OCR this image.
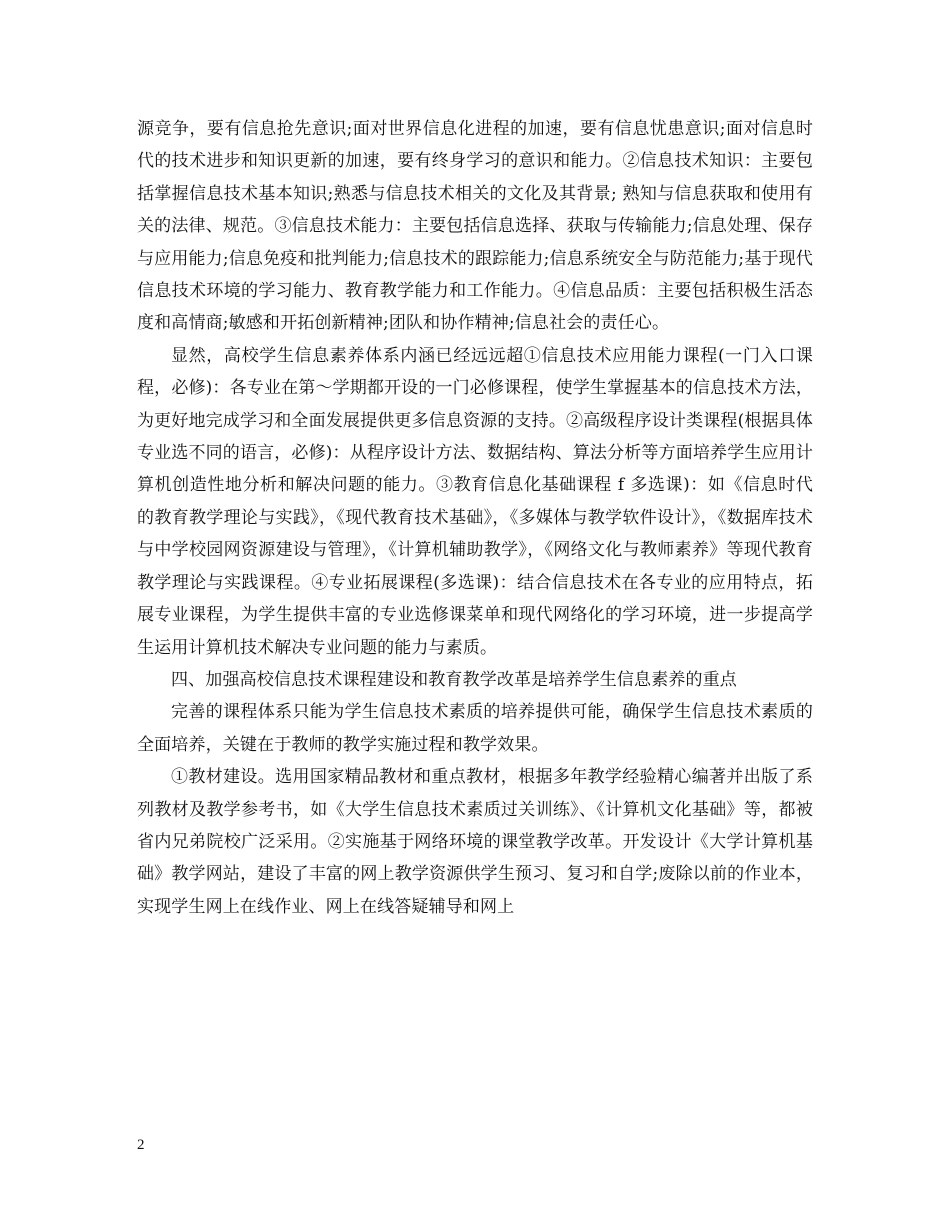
源竞争，要有信息抢先意识;面对世界信息化进程的加速，要有信息忧患意识;面对信息时代的技术进步和知识更新的加速，要有终身学习的意识和能力。②信息技术知识：主要包括掌握信息技术基本知识;熟悉与信息技术相关的文化及其背景; 熟知与信息获取和使用有关的法律、规范。③信息技术能力：主要包括信息选择、获取与传输能力;信息处理、保存与应用能力;信息免疫和批判能力;信息技术的跟踪能力;信息系统安全与防范能力;基于现代信息技术环境的学习能力、教育教学能力和工作能力。④信息品质：主要包括积极生活态度和高情商;敏感和开拓创新精神;团队和协作精神;信息社会的责任心。

显然，高校学生信息素养体系内涵已经远远超①信息技术应用能力课程(一门入口课程，必修)：各专业在第～学期都开设的一门必修课程，使学生掌握基本的信息技术方法，为更好地完成学习和全面发展提供更多信息资源的支持。②高级程序设计类课程(根据具体专业选不同的语言，必修)：从程序设计方法、数据结构、算法分析等方面培养学生应用计算机创造性地分析和解决问题的能力。③教育信息化基础课程 f 多选课)：如《信息时代的教育教学理论与实践》，《现代教育技术基础》，《多媒体与教学软件设计》，《数据库技术与中学校园网资源建设与管理》，《计算机辅助教学》，《网络文化与教师素养》等现代教育教学理论与实践课程。④专业拓展课程(多选课)：结合信息技术在各专业的应用特点，拓展专业课程，为学生提供丰富的专业选修课菜单和现代网络化的学习环境，进一步提高学生运用计算机技术解决专业问题的能力与素质。

四、加强高校信息技术课程建设和教育教学改革是培养学生信息素养的重点

完善的课程体系只能为学生信息技术素质的培养提供可能，确保学生信息技术素质的全面培养，关键在于教师的教学实施过程和教学效果。

①教材建设。选用国家精品教材和重点教材，根据多年教学经验精心编著并出版了系列教材及教学参考书，如《大学生信息技术素质过关训练》、《计算机文化基础》等，都被省内兄弟院校广泛采用。②实施基于网络环境的课堂教学改革。开发设计《大学计算机基础》教学网站，建设了丰富的网上教学资源供学生预习、复习和自学;废除以前的作业本，实现学生网上在线作业、网上在线答疑辅导和网上

2
